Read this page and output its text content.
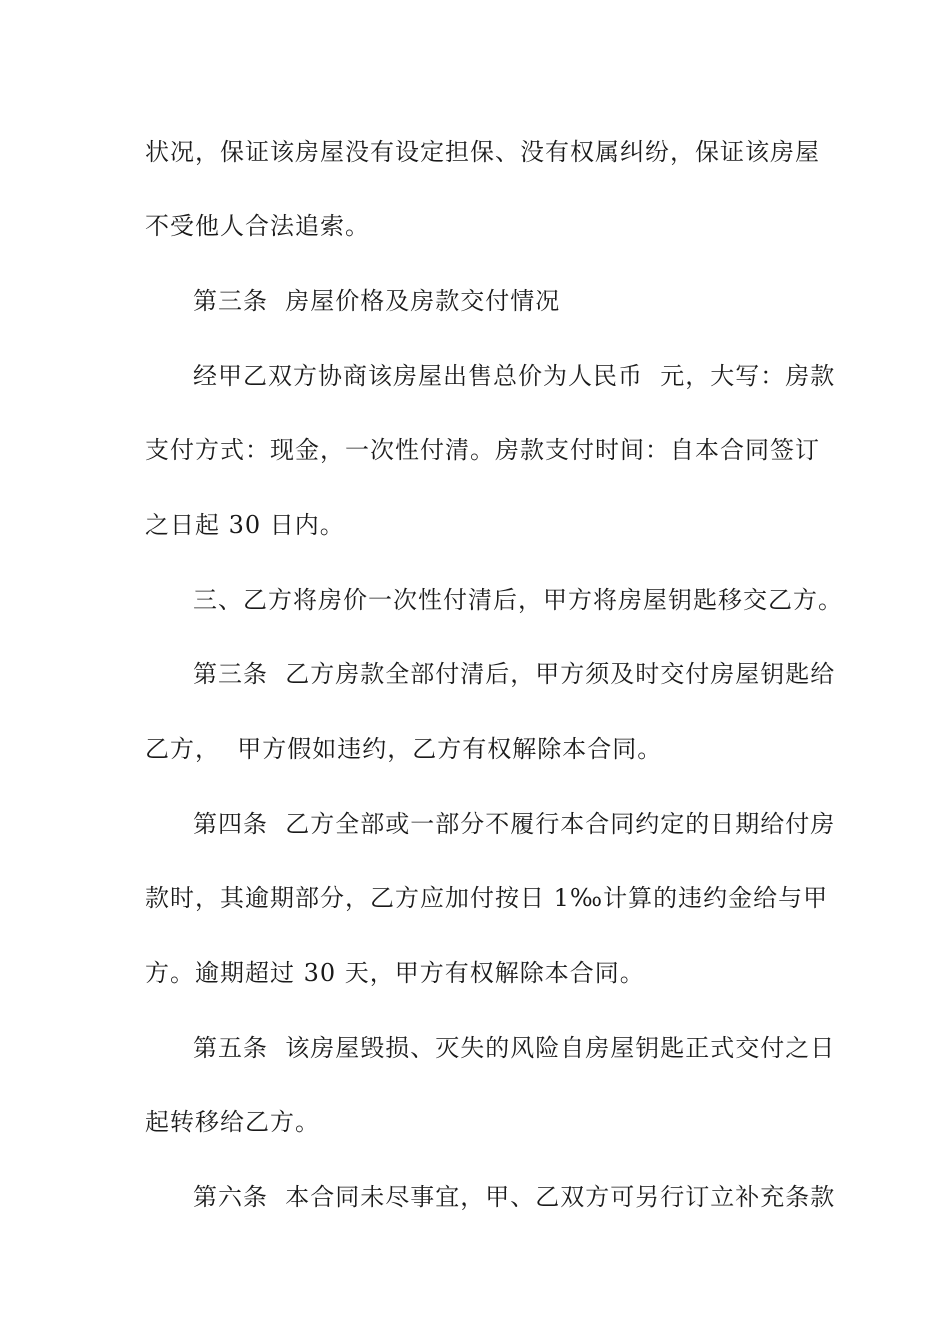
状况，保证该房屋没有设定担保、没有权属纠纷，保证该房屋
不受他人合法追索。
第三条  房屋价格及房款交付情况
经甲乙双方协商该房屋出售总价为人民币  元，大写：房款
支付方式：现金，一次性付清。房款支付时间：自本合同签订
之日起 30 日内。
三、乙方将房价一次性付清后，甲方将房屋钥匙移交乙方。
第三条  乙方房款全部付清后，甲方须及时交付房屋钥匙给
乙方，  甲方假如违约，乙方有权解除本合同。
第四条  乙方全部或一部分不履行本合同约定的日期给付房
款时，其逾期部分，乙方应加付按日 1‰计算的违约金给与甲
方。逾期超过 30 天，甲方有权解除本合同。
第五条  该房屋毁损、灭失的风险自房屋钥匙正式交付之日
起转移给乙方。
第六条  本合同未尽事宜，甲、乙双方可另行订立补充条款
